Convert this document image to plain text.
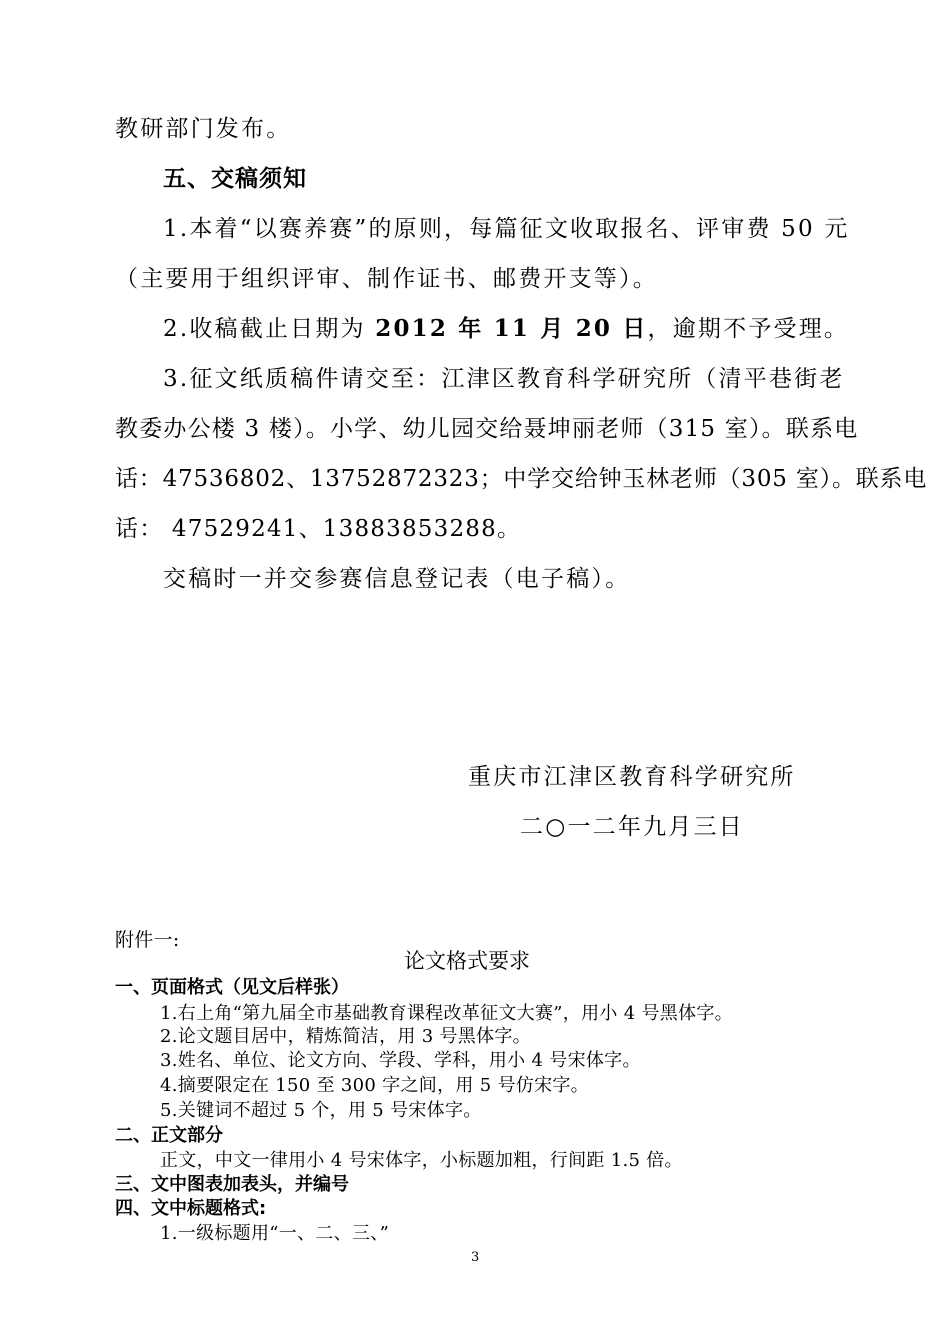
教研部门发布。
五、交稿须知
1.本着“以赛养赛”的原则，每篇征文收取报名、评审费 50 元
（主要用于组织评审、制作证书、邮费开支等）。
2.收稿截止日期为 2012 年 11 月 20 日，逾期不予受理。
3.征文纸质稿件请交至：江津区教育科学研究所（清平巷街老
教委办公楼 3 楼）。小学、幼儿园交给聂坤丽老师（315 室）。联系电
话：47536802、13752872323；中学交给钟玉林老师（305 室）。联系电
话： 47529241、13883853288。
交稿时一并交参赛信息登记表（电子稿）。
重庆市江津区教育科学研究所
二○一二年九月三日
附件一:
论文格式要求
一、页面格式（见文后样张）
1.右上角“第九届全市基础教育课程改革征文大赛”，用小 4 号黑体字。
2.论文题目居中，精炼简洁，用 3 号黑体字。
3.姓名、单位、论文方向、学段、学科，用小 4 号宋体字。
4.摘要限定在 150 至 300 字之间，用 5 号仿宋字。
5.关键词不超过 5 个，用 5 号宋体字。
二、正文部分
正文，中文一律用小 4 号宋体字，小标题加粗，行间距 1.5 倍。
三、文中图表加表头，并编号
四、文中标题格式:
1.一级标题用“一、二、三、”
3
